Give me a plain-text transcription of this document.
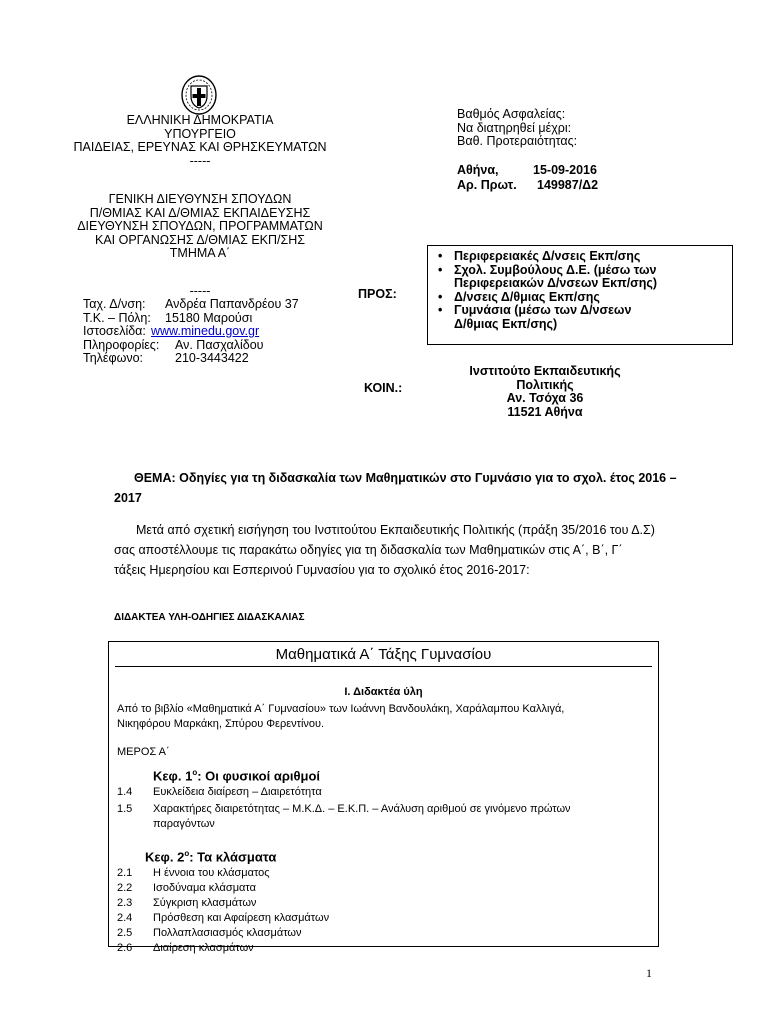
ΕΛΛΗΝΙΚΗ ΔΗΜΟΚΡΑΤΙΑ
ΥΠΟΥΡΓΕΙΟ
ΠΑΙΔΕΙΑΣ, ΕΡΕΥΝΑΣ ΚΑΙ ΘΡΗΣΚΕΥΜΑΤΩΝ
-----
ΓΕΝΙΚΗ ΔΙΕΥΘΥΝΣΗ ΣΠΟΥΔΩΝ
Π/ΘΜΙΑΣ ΚΑΙ Δ/ΘΜΙΑΣ ΕΚΠΑΙΔΕΥΣΗΣ
ΔΙΕΥΘΥΝΣΗ ΣΠΟΥΔΩΝ, ΠΡΟΓΡΑΜΜΑΤΩΝ
ΚΑΙ ΟΡΓΑΝΩΣΗΣ Δ/ΘΜΙΑΣ ΕΚΠ/ΣΗΣ
ΤΜΗΜΑ Α΄
-----
Ταχ. Δ/νση:	Ανδρέα Παπανδρέου 37
Τ.Κ. – Πόλη:	15180 Μαρούσι
Ιστοσελίδα: www.minedu.gov.gr
Πληροφορίες:	Αν. Πασχαλίδου
Τηλέφωνο:	210-3443422
Βαθμός Ασφαλείας:
Να διατηρηθεί μέχρι:
Βαθ. Προτεραιότητας:
Αθήνα,	15-09-2016
Αρ. Πρωτ. 149987/Δ2
ΠΡΟΣ:
• Περιφερειακές Δ/νσεις Εκπ/σης
• Σχολ. Συμβούλους Δ.Ε. (μέσω των
Περιφερειακών Δ/νσεων Εκπ/σης)
• Δ/νσεις Δ/θμιας Εκπ/σης
• Γυμνάσια (μέσω των Δ/νσεων
Δ/θμιας Εκπ/σης)
ΚΟΙΝ.:
Ινστιτούτο Εκπαιδευτικής
Πολιτικής
Αν. Τσόχα 36
11521 Αθήνα
ΘΕΜΑ: Οδηγίες για τη διδασκαλία των Μαθηματικών στο Γυμνάσιο για το σχολ. έτος 2016 –
2017
Μετά από σχετική εισήγηση του Ινστιτούτου Εκπαιδευτικής Πολιτικής (πράξη 35/2016 του Δ.Σ)
σας αποστέλλουμε τις παρακάτω οδηγίες για τη διδασκαλία των Μαθηματικών στις Α΄, Β΄, Γ΄
τάξεις Ημερησίου και Εσπερινού Γυμνασίου για το σχολικό έτος 2016-2017:
ΔΙΔΑΚΤΕΑ ΥΛΗ-ΟΔΗΓΙΕΣ ΔΙΔΑΣΚΑΛΙΑΣ
Μαθηματικά Α΄ Τάξης Γυμνασίου
Ι. Διδακτέα ύλη
Από το βιβλίο «Μαθηματικά Α΄ Γυμνασίου» των Ιωάννη Βανδουλάκη, Χαράλαμπου Καλλιγά,
Νικηφόρου Μαρκάκη, Σπύρου Φερεντίνου.
ΜΕΡΟΣ Α΄
Κεφ. $1^o$: Οι φυσικοί αριθμοί
1.4	Ευκλείδεια διαίρεση – Διαιρετότητα
1.5	Χαρακτήρες διαιρετότητας – Μ.Κ.Δ. – Ε.Κ.Π. – Ανάλυση αριθμού σε γινόμενο πρώτων
παραγόντων
Κεφ. $2^o$: Τα κλάσματα
2.1	Η έννοια του κλάσματος
2.2	Ισοδύναμα κλάσματα
2.3	Σύγκριση κλασμάτων
2.4	Πρόσθεση και Αφαίρεση κλασμάτων
2.5	Πολλαπλασιασμός κλασμάτων
2.6	Διαίρεση κλασμάτων
1
